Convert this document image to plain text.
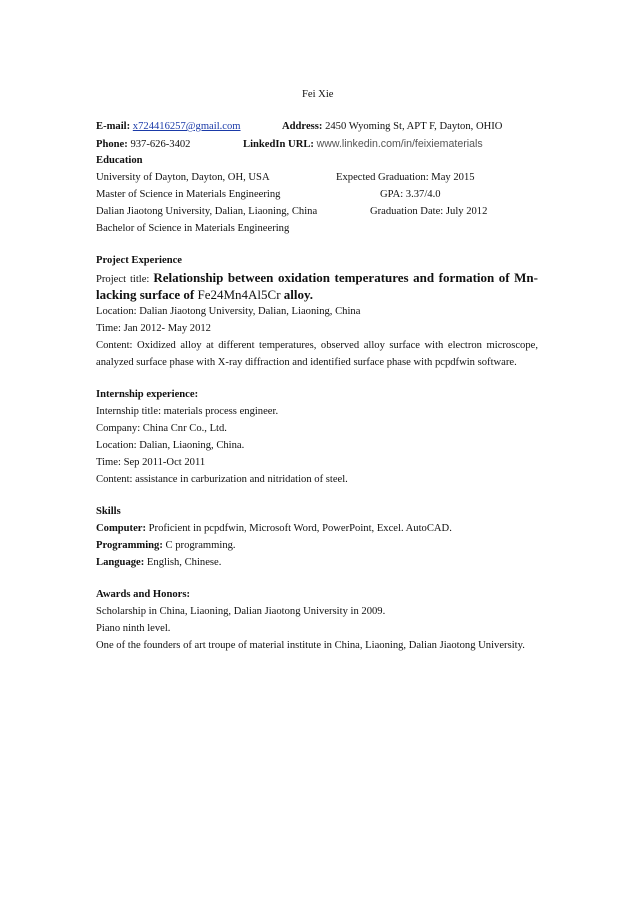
Fei Xie
E-mail: x724416257@gmail.com	Address: 2450 Wyoming St, APT F, Dayton, OHIO
Phone: 937-626-3402	LinkedIn URL: www.linkedin.com/in/feixiematerials
Education
University of Dayton, Dayton, OH, USA	Expected Graduation: May 2015
Master of Science in Materials Engineering	GPA: 3.37/4.0
Dalian Jiaotong University, Dalian, Liaoning, China	Graduation Date: July 2012
Bachelor of Science in Materials Engineering
Project Experience
Project title: Relationship between oxidation temperatures and formation of Mn-
lacking surface of Fe24Mn4Al5Cr alloy.
Location: Dalian Jiaotong University, Dalian, Liaoning, China
Time: Jan 2012- May 2012
Content: Oxidized alloy at different temperatures, observed alloy surface with electron microscope,
analyzed surface phase with X-ray diffraction and identified surface phase with pcpdfwin software.
Internship experience:
Internship title: materials process engineer.
Company: China Cnr Co., Ltd.
Location: Dalian, Liaoning, China.
Time: Sep 2011-Oct 2011
Content: assistance in carburization and nitridation of steel.
Skills
Computer: Proficient in pcpdfwin, Microsoft Word, PowerPoint, Excel. AutoCAD.
Programming: C programming.
Language: English, Chinese.
Awards and Honors:
Scholarship in China, Liaoning, Dalian Jiaotong University in 2009.
Piano ninth level.
One of the founders of art troupe of material institute in China, Liaoning, Dalian Jiaotong University.
